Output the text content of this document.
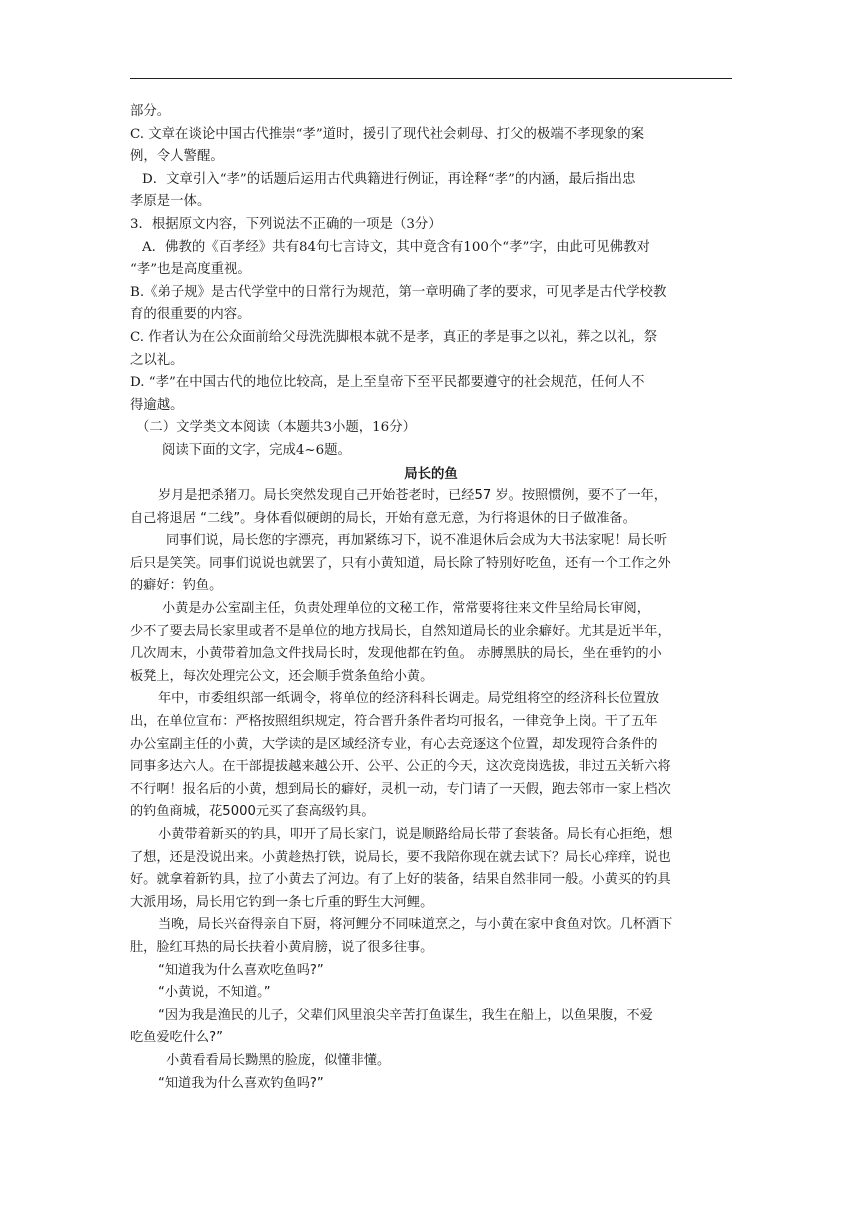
部分。

C. 文章在谈论中国古代推崇“孝”道时，援引了现代社会刺母、打父的极端不孝现象的案

例，令人警醒。

D．文章引入“孝”的话题后运用古代典籍进行例证，再诠释“孝”的内涵，最后指出忠

孝原是一体。

3．根据原文内容，下列说法不正确的一项是（3分）

A．佛教的《百孝经》共有84句七言诗文，其中竟含有100个“孝”字，由此可见佛教对

“孝”也是高度重视。

B.《弟子规》是古代学堂中的日常行为规范，第一章明确了孝的要求，可见孝是古代学校教

育的很重要的内容。

C. 作者认为在公众面前给父母洗洗脚根本就不是孝，真正的孝是事之以礼，葬之以礼，祭

之以礼。

D. “孝”在中国古代的地位比较高，是上至皇帝下至平民都要遵守的社会规范，任何人不

得逾越。

（二）文学类文本阅读（本题共3小题，16分）

阅读下面的文字，完成4~6题。

局长的鱼

岁月是把杀猪刀。局长突然发现自己开始苍老时，已经57 岁。按照惯例，要不了一年，

自己将退居 “二线”。身体看似硬朗的局长，开始有意无意，为行将退休的日子做准备。

同事们说，局长您的字漂亮，再加紧练习下，说不准退休后会成为大书法家呢！局长听

后只是笑笑。同事们说说也就罢了，只有小黄知道，局长除了特别好吃鱼，还有一个工作之外

的癖好：钓鱼。

小黄是办公室副主任，负责处理单位的文秘工作，常常要将往来文件呈给局长审阅，

少不了要去局长家里或者不是单位的地方找局长，自然知道局长的业余癖好。尤其是近半年，

几次周末，小黄带着加急文件找局长时，发现他都在钓鱼。 赤膊黑肤的局长，坐在垂钓的小

板凳上，每次处理完公文，还会顺手赏条鱼给小黄。

年中，市委组织部一纸调令，将单位的经济科科长调走。局党组将空的经济科长位置放

出，在单位宣布：严格按照组织规定，符合晋升条件者均可报名，一律竞争上岗。干了五年

办公室副主任的小黄，大学读的是区域经济专业，有心去竞逐这个位置，却发现符合条件的

同事多达六人。在干部提拔越来越公开、公平、公正的今天，这次竞岗选拔，非过五关斩六将

不行啊！报名后的小黄，想到局长的癖好，灵机一动，专门请了一天假，跑去邻市一家上档次

的钓鱼商城，花5000元买了套高级钓具。

小黄带着新买的钓具，叩开了局长家门，说是顺路给局长带了套装备。局长有心拒绝，想

了想，还是没说出来。小黄趁热打铁，说局长，要不我陪你现在就去试下？局长心痒痒，说也

好。就拿着新钓具，拉了小黄去了河边。有了上好的装备，结果自然非同一般。小黄买的钓具

大派用场，局长用它钓到一条七斤重的野生大河鲤。

当晚，局长兴奋得亲自下厨，将河鲤分不同味道烹之，与小黄在家中食鱼对饮。几杯酒下

肚，脸红耳热的局长扶着小黄肩膀，说了很多往事。

“知道我为什么喜欢吃鱼吗?”

“小黄说，不知道。”

“因为我是渔民的儿子，父辈们风里浪尖辛苦打鱼谋生，我生在船上，以鱼果腹，不爱

吃鱼爱吃什么?”

小黄看看局长黝黑的脸庞，似懂非懂。

“知道我为什么喜欢钓鱼吗?”
